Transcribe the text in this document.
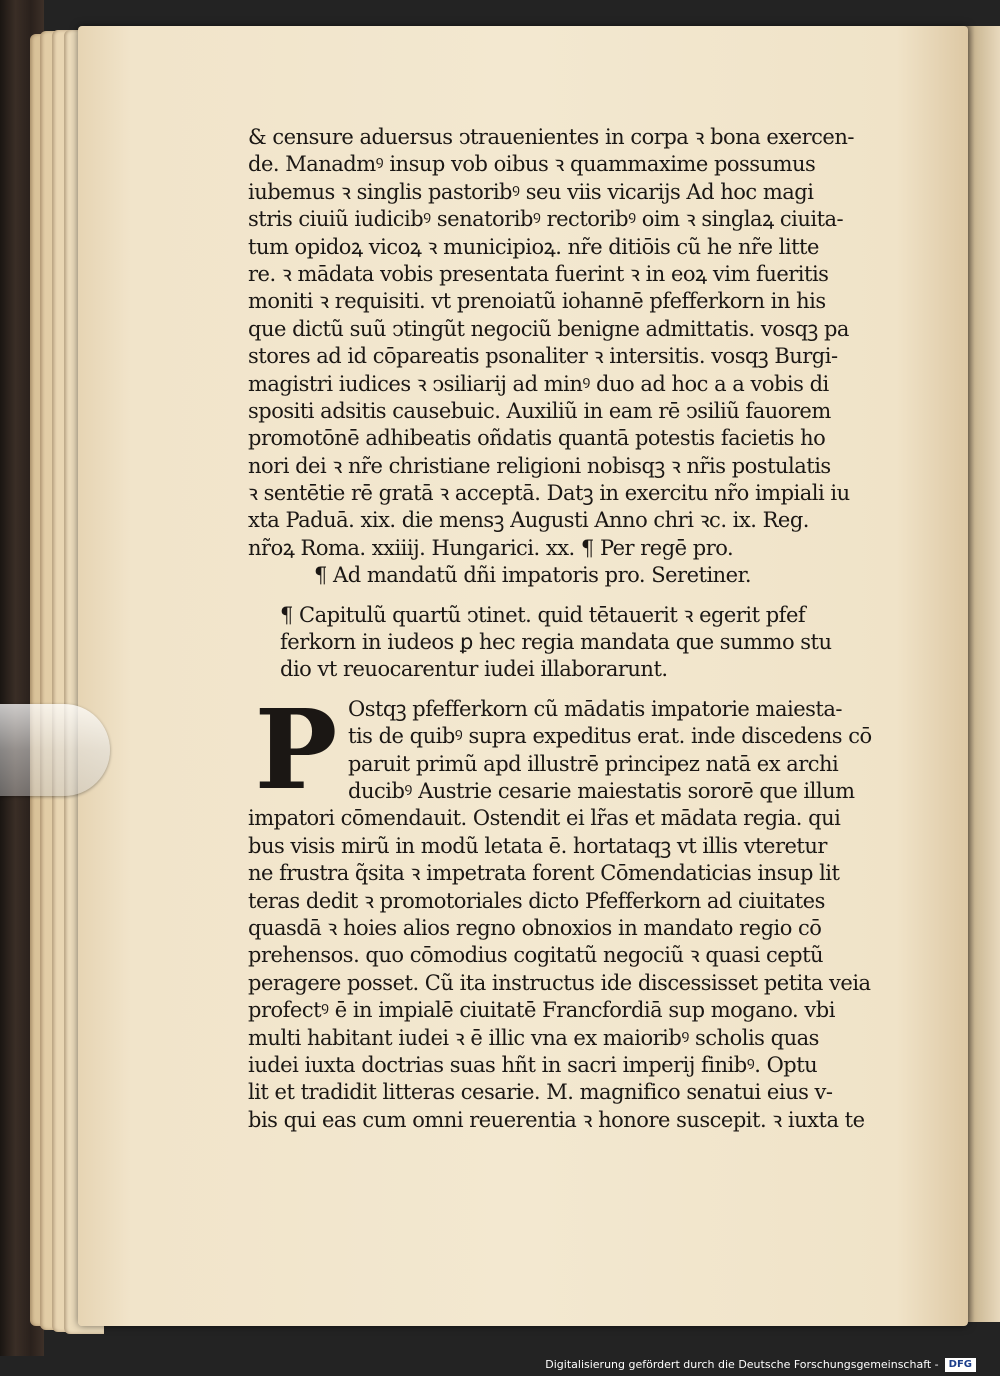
& censure aduersus ↄtrauenientes in corpa ꝛ bona exercen-
de. Manadmꝰ insup vob oibus ꝛ quammaxime possumus
iubemus ꝛ singlis pastoribꝰ seu viis vicarijs Ad hoc magi
stris ciuiũ iudicibꝰ senatoribꝰ rectoribꝰ oim ꝛ singlaꝝ ciuita-
tum opidoꝝ vicoꝝ ꝛ municipioꝝ. nr̃e ditiōis cũ he nr̃e litte
re. ꝛ mādata vobis presentata fuerint ꝛ in eoꝝ vim fueritis
moniti ꝛ requisiti. vt prenoiatũ iohannē pfefferkorn in his
que dictũ suũ ↄtingũt negociũ benigne admittatis. vosqꝫ pa
stores ad id cōpareatis psonaliter ꝛ intersitis. vosqꝫ Burgi-
magistri iudices ꝛ ↄsiliarij ad minꝰ duo ad hoc a a vobis di
spositi adsitis causebuic. Auxiliũ in eam rē ↄsiliũ fauorem
promotōnē adhibeatis oñdatis quantā potestis facietis ho
nori dei ꝛ nr̃e christiane religioni nobisqꝫ ꝛ nr̃is postulatis
ꝛ sentētie rē gratā ꝛ acceptā. Datꝫ in exercitu nr̃o impiali iu
xta Paduā. xix. die mensꝫ Augusti Anno chri ꝛc. ix. Reg.
nr̃oꝝ Roma. xxiiij. Hungarici. xx. ¶ Per regē pro.
¶ Ad mandatũ dñi impatoris pro. Seretiner.
¶ Capitulũ quartũ ↄtinet. quid tētauerit ꝛ egerit pfef
ferkorn in iudeos ꝑ hec regia mandata que summo stu
dio vt reuocarentur iudei illaborarunt.
P Ostqꝫ pfefferkorn cũ mādatis impatorie maiesta-
tis de quibꝰ supra expeditus erat. inde discedens cō
paruit primũ apd illustrē principez natā ex archi
ducibꝰ Austrie cesarie maiestatis sororē que illum
impatori cōmendauit. Ostendit ei lr̃as et mādata regia. qui
bus visis mirũ in modũ letata ē. hortataqꝫ vt illis vteretur
ne frustra q̃sita ꝛ impetrata forent Cōmendaticias insup lit
teras dedit ꝛ promotoriales dicto Pfefferkorn ad ciuitates
quasdā ꝛ hoies alios regno obnoxios in mandato regio cō
prehensos. quo cōmodius cogitatũ negociũ ꝛ quasi ceptũ
peragere posset. Cũ ita instructus ide discessisset petita veia
profectꝰ ē in impialē ciuitatē Francfordiā sup mogano. vbi
multi habitant iudei ꝛ ē illic vna ex maioribꝰ scholis quas
iudei iuxta doctrias suas hñt in sacri imperij finibꝰ. Optu
lit et tradidit litteras cesarie. M. magnifico senatui eius v-
bis qui eas cum omni reuerentia ꝛ honore suscepit. ꝛ iuxta te
Digitalisierung gefördert durch die Deutsche Forschungsgemeinschaft - DFG
